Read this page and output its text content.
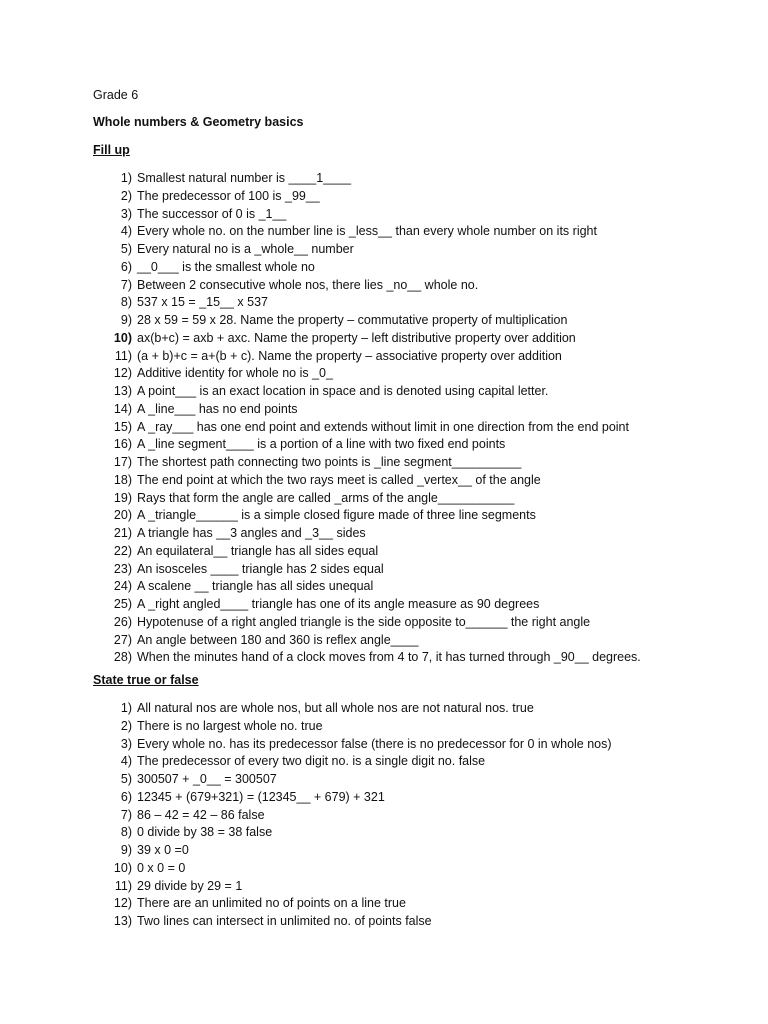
Grade 6

Whole numbers & Geometry basics

Fill up

1) Smallest natural number is ____1____
2) The predecessor of 100 is _99__
3) The successor of 0 is _1__
4) Every whole no. on the number line is _less__ than every whole number on its right
5) Every natural no is a _whole__ number
6) __0___ is the smallest whole no
7) Between 2 consecutive whole nos, there lies _no__ whole no.
8) 537 x 15 = _15__ x 537
9) 28 x 59 = 59 x 28. Name the property – commutative property of multiplication
10) ax(b+c) = axb + axc. Name the property – left distributive property over addition
11) (a + b)+c = a+(b + c). Name the property – associative property over addition
12) Additive identity for whole no is _0_
13) A point___ is an exact location in space and is denoted using capital letter.
14) A _line___ has no end points
15) A _ray___ has one end point and extends without limit in one direction from the end point
16) A _line segment____ is a portion of a line with two fixed end points
17) The shortest path connecting two points is _line segment__________
18) The end point at which the two rays meet is called _vertex__ of the angle
19) Rays that form the angle are called _arms of the angle___________
20) A _triangle______ is a simple closed figure made of three line segments
21) A triangle has __3 angles and _3__ sides
22) An equilateral__ triangle has all sides equal
23) An isosceles ____ triangle has 2 sides equal
24) A scalene __ triangle has all sides unequal
25) A _right angled____ triangle has one of its angle measure as 90 degrees
26) Hypotenuse of a right angled triangle is the side opposite to______ the right angle
27) An angle between 180 and 360 is reflex angle____
28) When the minutes hand of a clock moves from 4 to 7, it has turned through _90__ degrees.

State true or false

1) All natural nos are whole nos, but all whole nos are not natural nos. true
2) There is no largest whole no. true
3) Every whole no. has its predecessor false (there is no predecessor for 0 in whole nos)
4) The predecessor of every two digit no. is a single digit no. false
5) 300507 + _0__ = 300507
6) 12345 + (679+321) = (12345__ + 679) + 321
7) 86 – 42 = 42 – 86 false
8) 0 divide by 38 = 38 false
9) 39 x 0 =0
10) 0 x 0 = 0
11) 29 divide by 29 = 1
12) There are an unlimited no of points on a line true
13) Two lines can intersect in unlimited no. of points false
